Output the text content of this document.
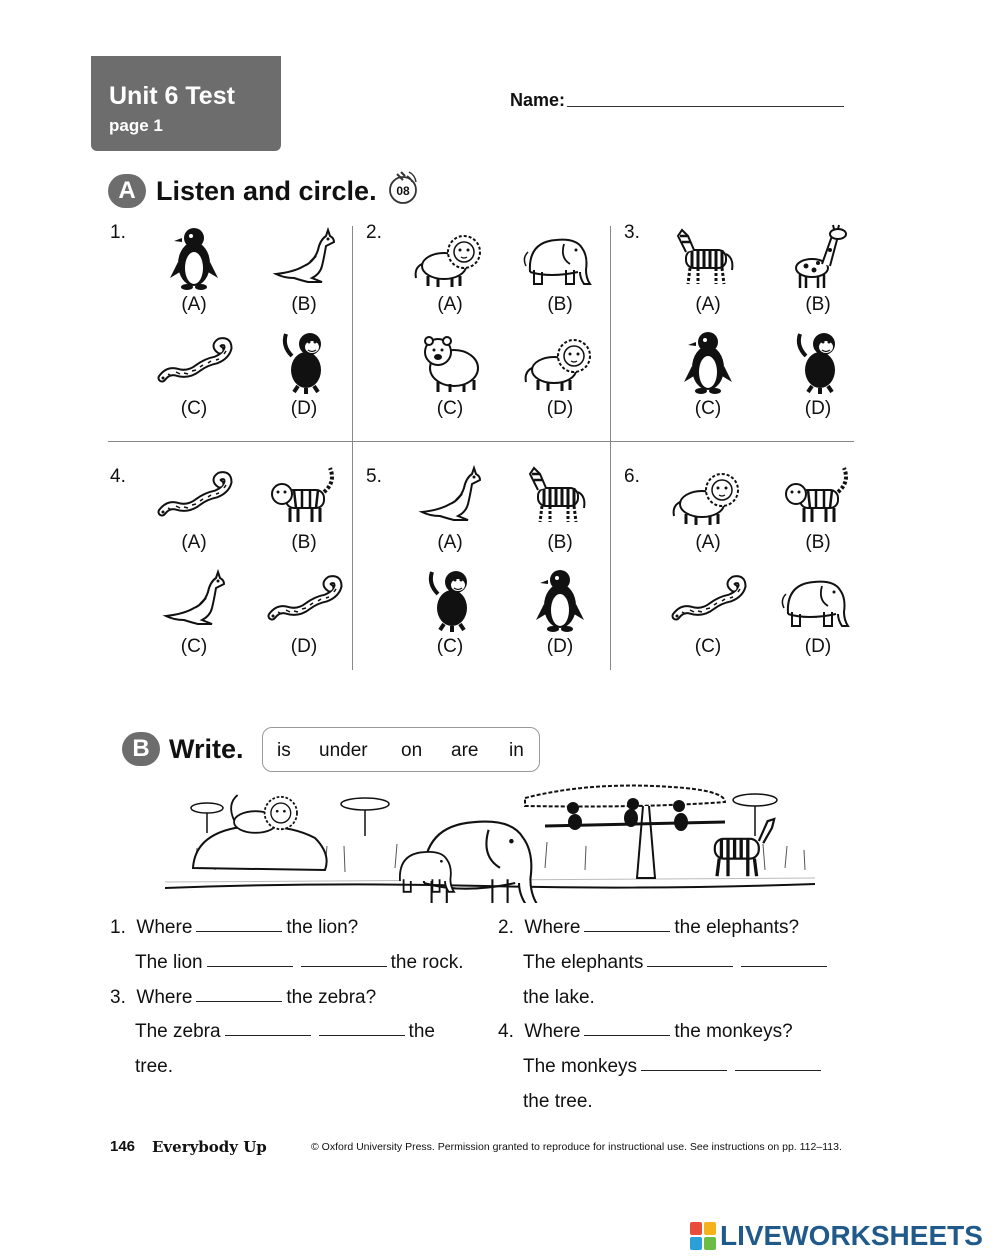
Unit 6 Test
page 1
Name:
A Listen and circle. 08
1.
(A)	(B)
(C)	(D)
2.
(A)	(B)
(C)	(D)
3.
(A)	(B)
(C)	(D)
4.
(A)	(B)
(C)	(D)
5.
(A)	(B)
(C)	(D)
6.
(A)	(B)
(C)	(D)
B Write. is under on are in
1. Where	the lion?
The lion	the rock.
3. Where	the zebra?
The zebra	the
tree.
2. Where	the elephants?
The elephants
the lake.
4. Where	the monkeys?
The monkeys
the tree.
146 Everybody Up	© Oxford University Press. Permission granted to reproduce for instructional use. See instructions on pp. 112–113.
LIVEWORKSHEETS
